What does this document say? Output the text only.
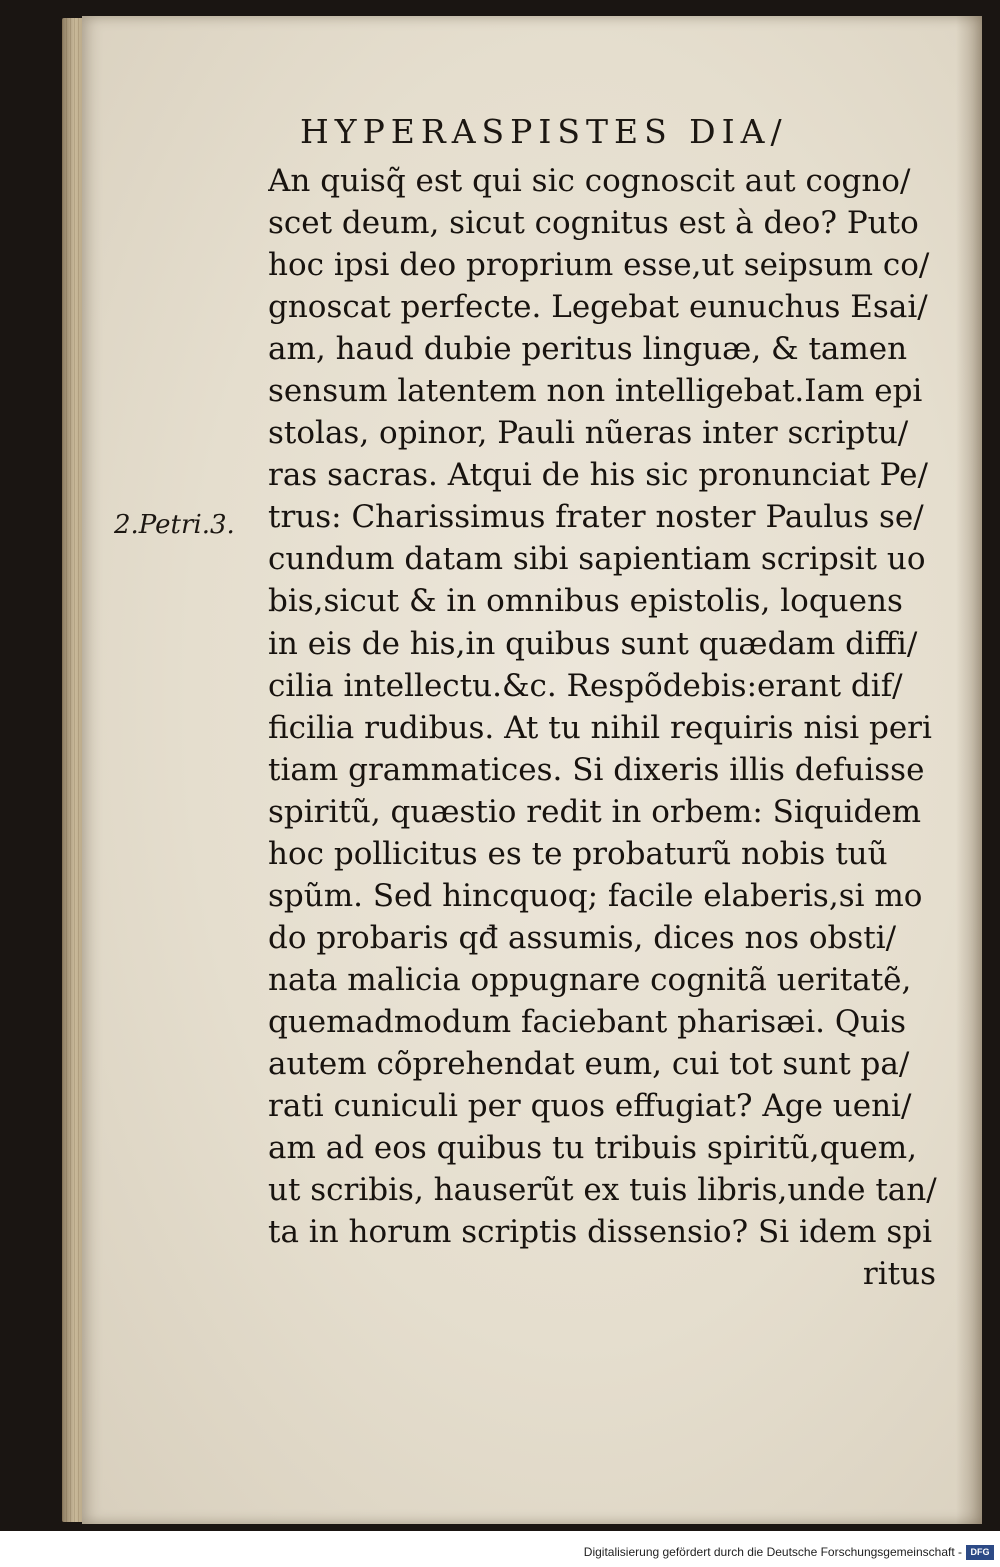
HYPERASPISTES DIA/
2.Petri.3.
An quisq̃ est qui sic cognoscit aut cogno/
scet deum, sicut cognitus est à deo? Puto
hoc ipsi deo proprium esse,ut seipsum co/
gnoscat perfecte. Legebat eunuchus Esai/
am, haud dubie peritus linguæ, & tamen
sensum latentem non intelligebat.Iam epi
stolas, opinor, Pauli nũeras inter scriptu/
ras sacras. Atqui de his sic pronunciat Pe/
trus: Charissimus frater noster Paulus se/
cundum datam sibi sapientiam scripsit uo
bis,sicut & in omnibus epistolis, loquens
in eis de his,in quibus sunt quædam diffi/
cilia intellectu.&c. Respõdebis:erant dif/
ficilia rudibus. At tu nihil requiris nisi peri
tiam grammatices. Si dixeris illis defuisse
spiritũ, quæstio redit in orbem: Siquidem
hoc pollicitus es te probaturũ nobis tuũ
spũm. Sed hincquoq; facile elaberis,si mo
do probaris qđ assumis, dices nos obsti/
nata malicia oppugnare cognitã ueritatẽ,
quemadmodum faciebant pharisæi. Quis
autem cõprehendat eum, cui tot sunt pa/
rati cuniculi per quos effugiat? Age ueni/
am ad eos quibus tu tribuis spiritũ,quem,
ut scribis, hauserũt ex tuis libris,unde tan/
ta in horum scriptis dissensio? Si idem spi
ritus
Digitalisierung gefördert durch die Deutsche Forschungsgemeinschaft - DFG
